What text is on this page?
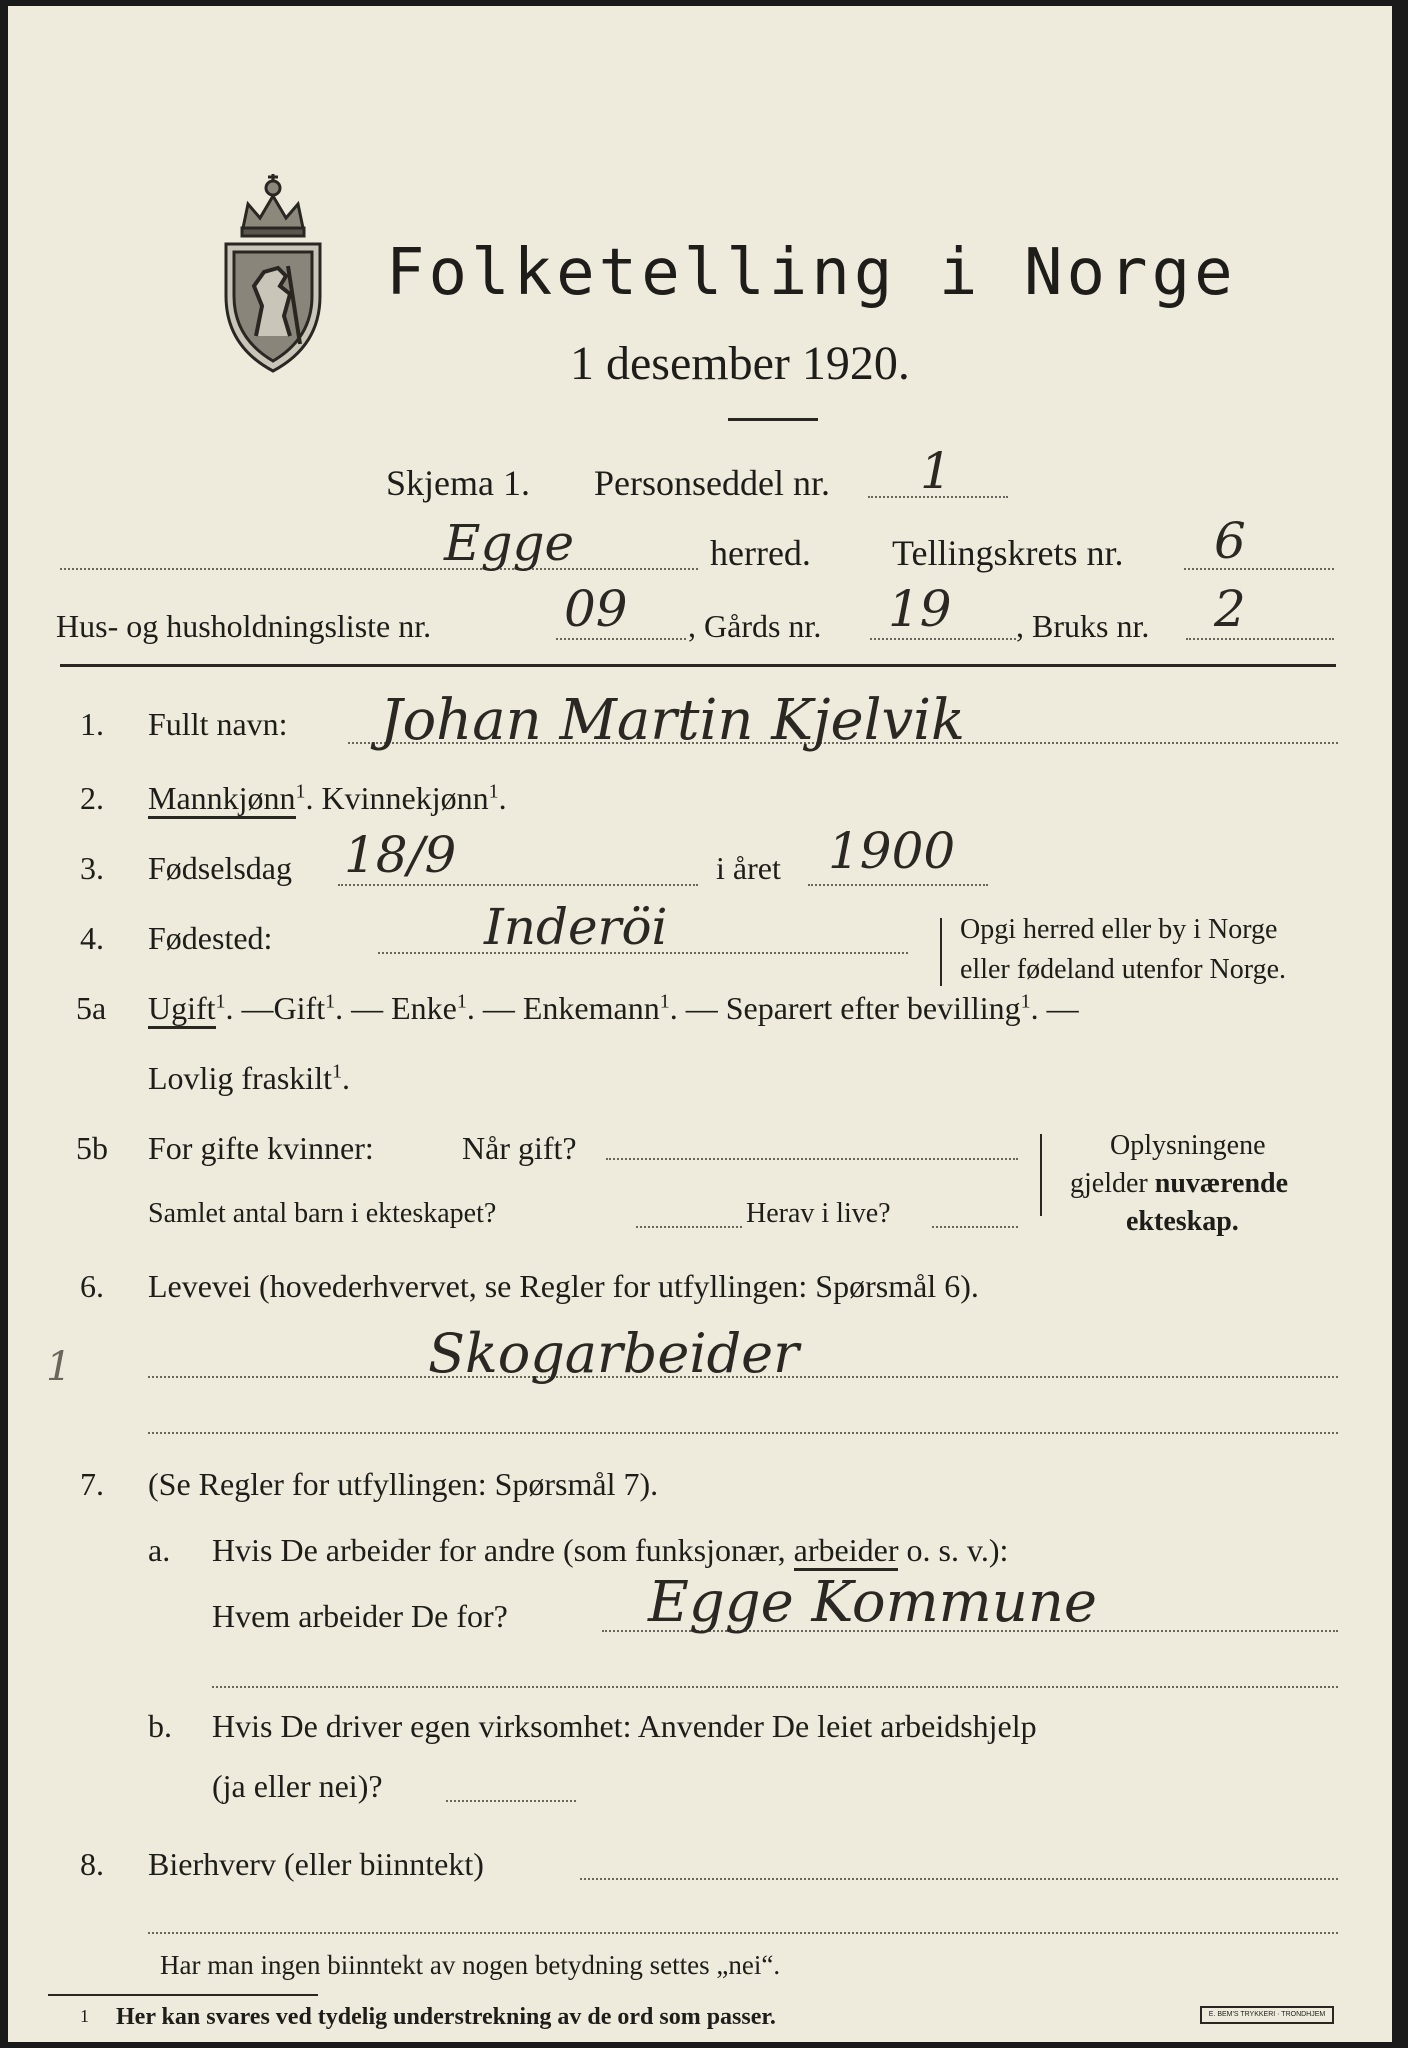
Folketelling i Norge
1 desember 1920.
Skjema 1. Personseddel nr. 1
Egge	herred. Tellingskrets nr. 6
Hus- og husholdningsliste nr.	09 , Gårds nr. 19 , Bruks nr. 2
1. Fullt navn: Johan Martin Kjelvik
2. Mannkjønn$^1$. Kvinnekjønn$^1$.
3. Fødselsdag 18/9	i året 1900
4. Fødested:	Inderöi	Opgi herred eller by i Norge
eller fødeland utenfor Norge.
5a Ugift$^1$. —Gift$^1$. — Enke$^1$. — Enkemann$^1$. — Separert efter bevilling$^1$. —
Lovlig fraskilt$^1$.
5b For gifte kvinner:	Når gift?
Samlet antal barn i ekteskapet?	Herav i live?
Oplysningene
gjelder nuværende
ekteskap.
6. Levevei (hovederhvervet, se Regler for utfyllingen: Spørsmål 6).
1	Skogarbeider
7. (Se Regler for utfyllingen: Spørsmål 7).
a. Hvis De arbeider for andre (som funksjonær, arbeider o. s. v.):
Hvem arbeider De for?	Egge Kommune
b. Hvis De driver egen virksomhet: Anvender De leiet arbeidshjelp
(ja eller nei)?
8. Bierhverv (eller biinntekt)
Har man ingen biinntekt av nogen betydning settes „nei“.
1 Her kan svares ved tydelig understrekning av de ord som passer.	E. BEM'S TRYKKERI · TRONDHJEM
